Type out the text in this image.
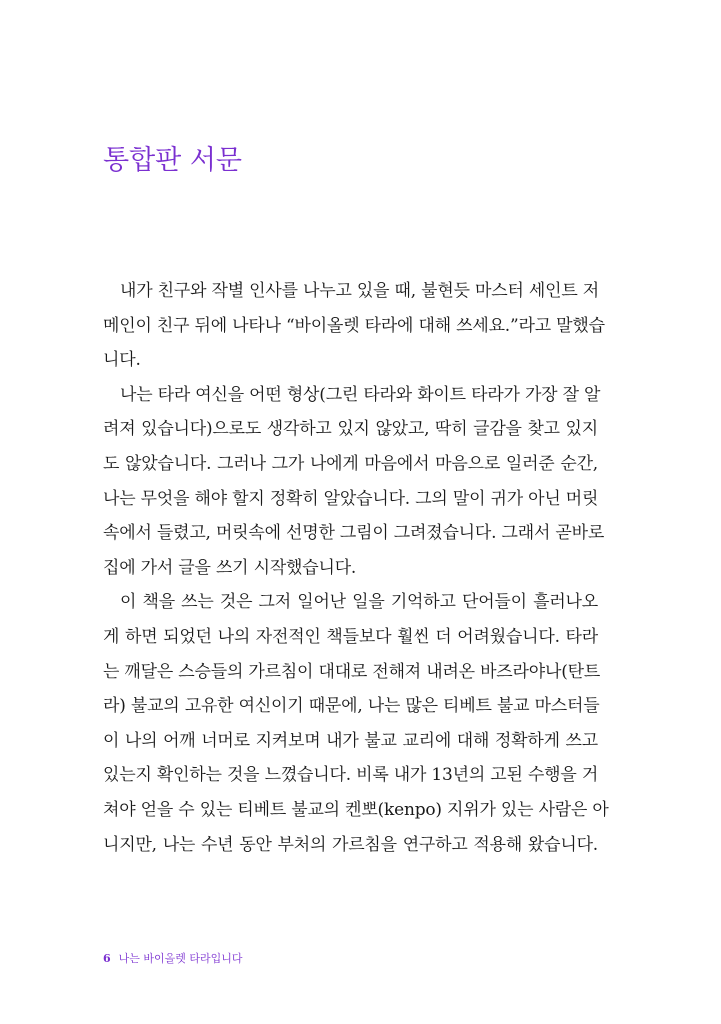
통합판 서문
내가 친구와 작별 인사를 나누고 있을 때, 불현듯 마스터 세인트 저
메인이 친구 뒤에 나타나 “바이올렛 타라에 대해 쓰세요.”라고 말했습
니다.
나는 타라 여신을 어떤 형상(그린 타라와 화이트 타라가 가장 잘 알
려져 있습니다)으로도 생각하고 있지 않았고, 딱히 글감을 찾고 있지
도 않았습니다. 그러나 그가 나에게 마음에서 마음으로 일러준 순간,
나는 무엇을 해야 할지 정확히 알았습니다. 그의 말이 귀가 아닌 머릿
속에서 들렸고, 머릿속에 선명한 그림이 그려졌습니다. 그래서 곧바로
집에 가서 글을 쓰기 시작했습니다.
이 책을 쓰는 것은 그저 일어난 일을 기억하고 단어들이 흘러나오
게 하면 되었던 나의 자전적인 책들보다 훨씬 더 어려웠습니다. 타라
는 깨달은 스승들의 가르침이 대대로 전해져 내려온 바즈라야나(탄트
라) 불교의 고유한 여신이기 때문에, 나는 많은 티베트 불교 마스터들
이 나의 어깨 너머로 지켜보며 내가 불교 교리에 대해 정확하게 쓰고
있는지 확인하는 것을 느꼈습니다. 비록 내가 13년의 고된 수행을 거
쳐야 얻을 수 있는 티베트 불교의 켄뽀(kenpo) 지위가 있는 사람은 아
니지만, 나는 수년 동안 부처의 가르침을 연구하고 적용해 왔습니다.
6 나는 바이올렛 타라입니다
